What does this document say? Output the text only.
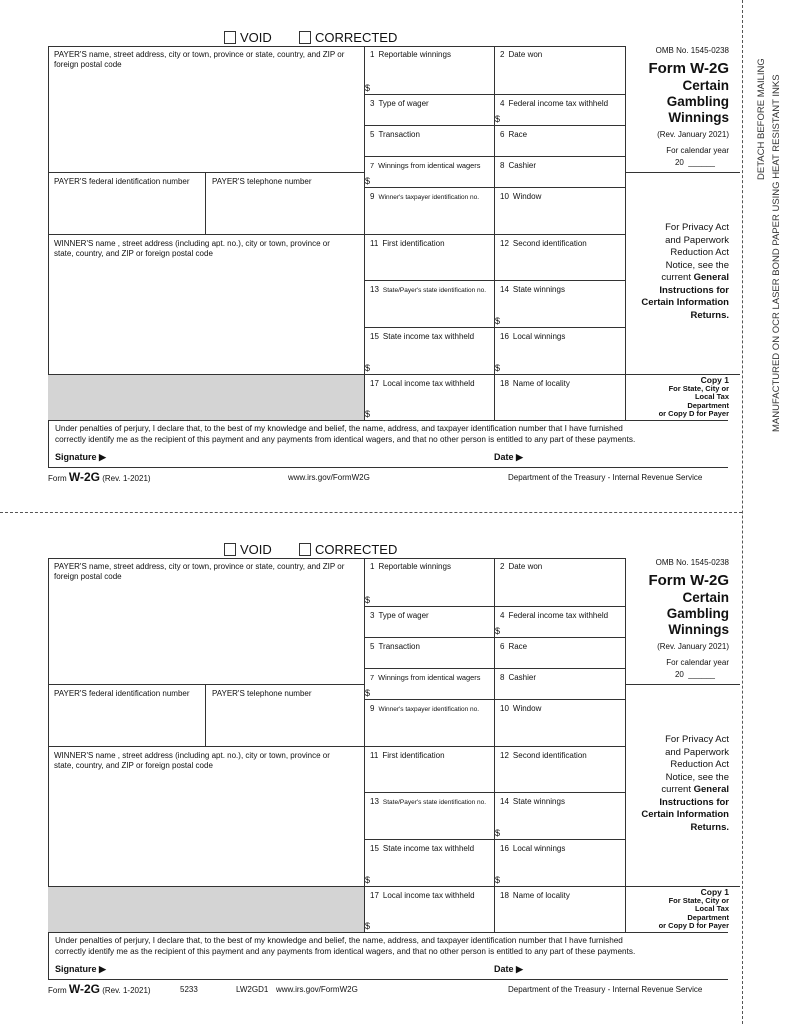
DETACH BEFORE MAILING MANUFACTURED ON OCR LASER BOND PAPER USING HEAT RESISTANT INKS
VOID	CORRECTED
PAYER'S name, street address, city or town, province or state, country, and ZIP or foreign postal code
PAYER'S federal identification number	PAYER'S telephone number
WINNER'S name , street address (including apt. no.), city or town, province or state, country, and ZIP or foreign postal code
1 Reportable winnings
$
2 Date won
3 Type of wager	4 Federal income tax withheld
$
5 Transaction	6 Race
7 Winnings from identical wagers
$
8 Cashier
9 Winner's taxpayer identification no.	10 Window
11 First identification	12 Second identification
13 State/Payer's state identification no. 14 State winnings
$
15 State income tax withheld
$
16 Local winnings
$
17 Local income tax withheld
$
18 Name of locality
OMB No. 1545-0238
Form W-2G
Certain
Gambling
Winnings
(Rev. January 2021)
For calendar year
20 ______
For Privacy Act
and Paperwork
Reduction Act
Notice, see the
current General
Instructions for
Certain Information
Returns.
Copy 1
For State, City or
Local Tax
Department
or Copy D for Payer
Under penalties of perjury, I declare that, to the best of my knowledge and belief, the name, address, and taxpayer identification number that I have furnished
correctly identify me as the recipient of this payment and any payments from identical wagers, and that no other person is entitled to any part of these payments.
Signature ▶	Date ▶
Form W-2G (Rev. 1-2021)	www.irs.gov/FormW2G	Department of the Treasury - Internal Revenue Service
VOID	CORRECTED
PAYER'S name, street address, city or town, province or state, country, and ZIP or foreign postal code
PAYER'S federal identification number	PAYER'S telephone number
WINNER'S name , street address (including apt. no.), city or town, province or state, country, and ZIP or foreign postal code
1 Reportable winnings
$
2 Date won
3 Type of wager	4 Federal income tax withheld
$
5 Transaction	6 Race
7 Winnings from identical wagers
$
8 Cashier
9 Winner's taxpayer identification no.	10 Window
11 First identification	12 Second identification
13 State/Payer's state identification no. 14 State winnings
$
15 State income tax withheld
$
16 Local winnings
$
17 Local income tax withheld
$
18 Name of locality
OMB No. 1545-0238
Form W-2G
Certain
Gambling
Winnings
(Rev. January 2021)
For calendar year
20 ______
For Privacy Act
and Paperwork
Reduction Act
Notice, see the
current General
Instructions for
Certain Information
Returns.
Copy 1
For State, City or
Local Tax
Department
or Copy D for Payer
Under penalties of perjury, I declare that, to the best of my knowledge and belief, the name, address, and taxpayer identification number that I have furnished
correctly identify me as the recipient of this payment and any payments from identical wagers, and that no other person is entitled to any part of these payments.
Signature ▶	Date ▶
Form W-2G (Rev. 1-2021)	5233	LW2GD1 www.irs.gov/FormW2G	Department of the Treasury - Internal Revenue Service
